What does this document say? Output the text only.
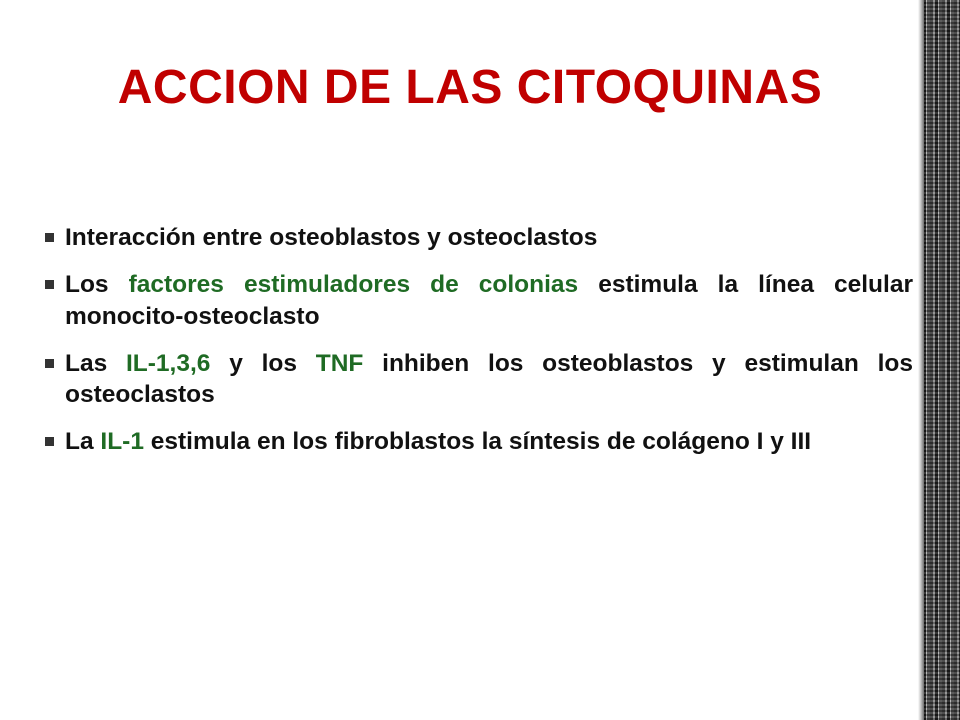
ACCION DE LAS CITOQUINAS
Interacción entre osteoblastos y osteoclastos
Los factores estimuladores de colonias estimula la línea celular monocito-osteoclasto
Las IL-1,3,6 y los TNF inhiben los osteoblastos y estimulan los osteoclastos
La IL-1 estimula en los fibroblastos la síntesis de colágeno I y III
